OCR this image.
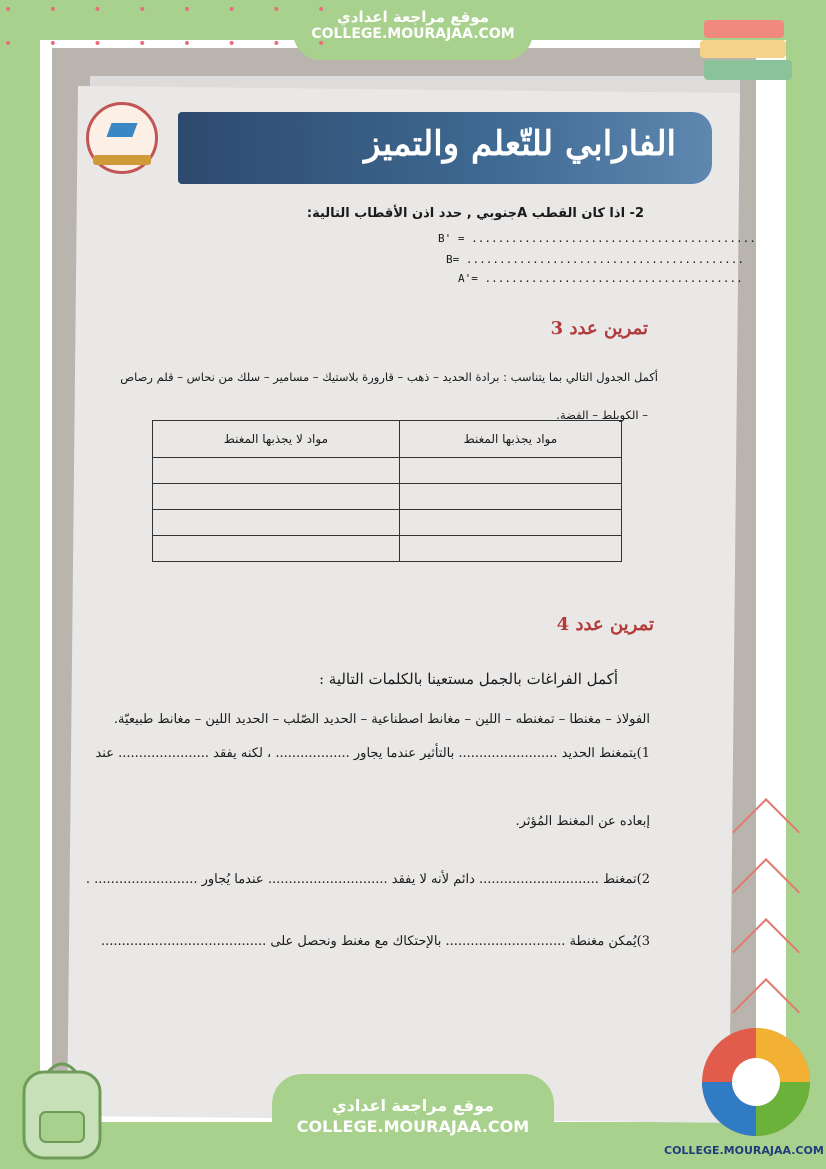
الفارابي للتّعلم والتميز
2- اذا كان القطب Aجنوبي , حدد اذن الأقطاب التالية:
B' = ...........................................
B= ..........................................
A'= .......................................
تمرين عدد 3
أكمل الجدول التالي بما يتناسب : برادة الحديد – ذهب – قارورة بلاستيك – مسامير – سلك من نحاس – قلم رصاص
– الكوبلط – الفضة.
مواد يجذبها المغنط	مواد لا يجذبها المغنط

تمرين عدد 4
أكمل الفراغات بالجمل مستعينا بالكلمات التالية :
الفولاذ – مغنطا – تمغنطه – اللين – مغانط اصطناعية – الحديد الصّلب – الحديد اللين – مغانط طبيعيّة.
1)يتمغنط الحديد ........................ بالتأثير عندما يجاور .................. ، لكنه يفقد ...................... عند
إبعاده عن المغنط المُؤثر.
2)تمغنط ............................. دائم لأنه لا يفقد ............................. عندما يُجاور ......................... .
3)يُمكن مغنطة ............................. بالإحتكاك مع مغنط ونحصل على ........................................
موقع مراجعة اعدادي
COLLEGE.MOURAJAA.COM
موقع مراجعة اعدادي
COLLEGE.MOURAJAA.COM
• • • • • • • •
• • • • • • • •
COLLEGE.MOURAJAA.COM
